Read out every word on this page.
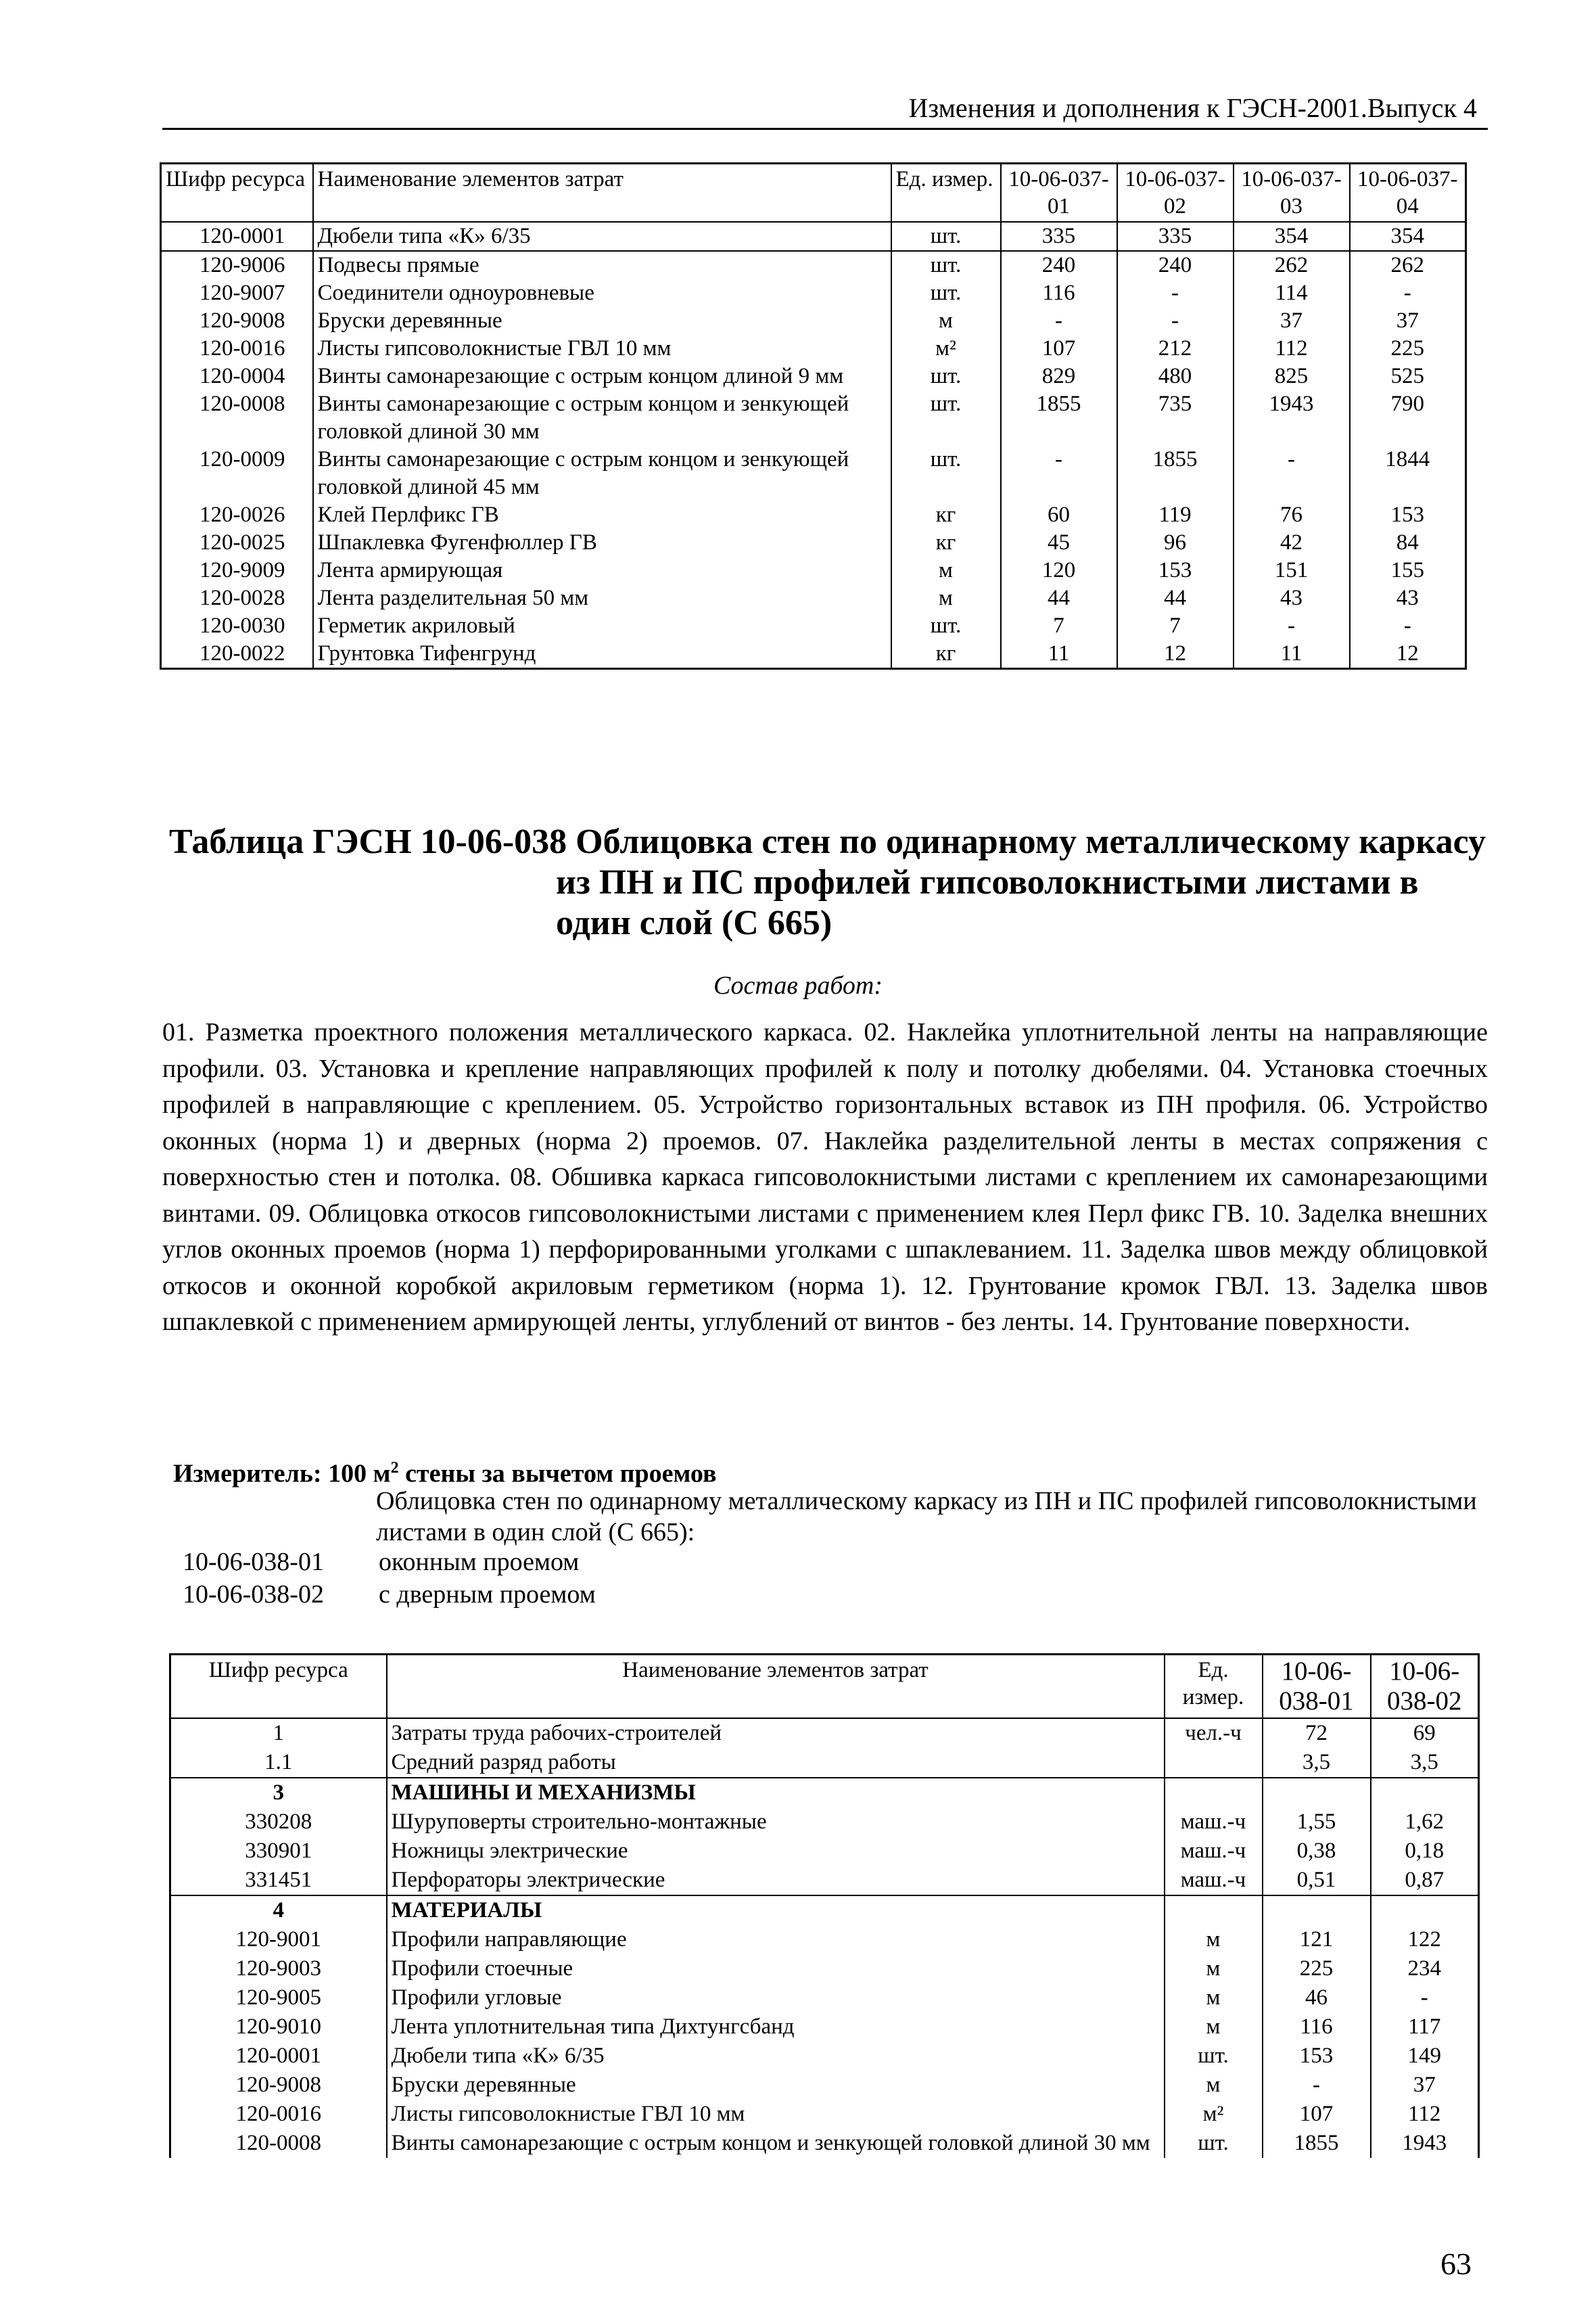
Изменения и дополнения к ГЭСН-2001.Выпуск 4
Шифр ресурса	Наименование элементов затрат	Ед. измер.	10-06-037-01	10-06-037-02	10-06-037-03	10-06-037-04
120-0001	Дюбели типа «К» 6/35	шт.	335	335	354	354
120-9006	Подвесы прямые	шт.	240	240	262	262
120-9007	Соединители одноуровневые	шт.	116	-	114	-
120-9008	Бруски деревянные	м	-	-	37	37
120-0016	Листы гипсоволокнистые ГВЛ 10 мм	м²	107	212	112	225
120-0004	Винты самонарезающие с острым концом длиной 9 мм	шт.	829	480	825	525
120-0008	Винты самонарезающие с острым концом и зенкующей головкой длиной 30 мм	шт.	1855	735	1943	790
120-0009	Винты самонарезающие с острым концом и зенкующей головкой длиной 45 мм	шт.	-	1855	-	1844
120-0026	Клей Перлфикс ГВ	кг	60	119	76	153
120-0025	Шпаклевка Фугенфюллер ГВ	кг	45	96	42	84
120-9009	Лента армирующая	м	120	153	151	155
120-0028	Лента разделительная 50 мм	м	44	44	43	43
120-0030	Герметик акриловый	шт.	7	7	-	-
120-0022	Грунтовка Тифенгрунд	кг	11	12	11	12
Таблица ГЭСН 10-06-038 Облицовка стен по одинарному металлическому каркасу
из ПН и ПС профилей гипсоволокнистыми листами в
один слой (С 665)
Состав работ:
01. Разметка проектного положения металлического каркаса. 02. Наклейка уплотнительной ленты на направляющие профили. 03. Установка и крепление направляющих профилей к полу и потолку дюбелями. 04. Установка стоечных профилей в направляющие с креплением. 05. Устройство горизонтальных вставок из ПН профиля. 06. Устройство оконных (норма 1) и дверных (норма 2) проемов. 07. Наклейка разделительной ленты в местах сопряжения с поверхностью стен и потолка. 08. Обшивка каркаса гипсоволокнистыми листами с креплением их самонарезающими винтами. 09. Облицовка откосов гипсоволокнистыми листами с применением клея Перл фикс ГВ. 10. Заделка внешних углов оконных проемов (норма 1) перфорированными уголками с шпаклеванием. 11. Заделка швов между облицовкой откосов и оконной коробкой акриловым герметиком (норма 1). 12. Грунтование кромок ГВЛ. 13. Заделка швов шпаклевкой с применением армирующей ленты, углублений от винтов - без ленты. 14. Грунтование поверхности.
Измеритель: 100 $м^2$ стены за вычетом проемов
Облицовка стен по одинарному металлическому каркасу из ПН и ПС профилей гипсоволокнистыми листами в один слой (С 665):
10-06-038-01	оконным проемом
10-06-038-02	с дверным проемом
Шифр ресурса	Наименование элементов затрат	Ед. измер.	10-06-038-01	10-06-038-02
1	Затраты труда рабочих-строителей	чел.-ч	72	69
1.1	Средний разряд работы		3,5	3,5
3	МАШИНЫ И МЕХАНИЗМЫ			
330208	Шуруповерты строительно-монтажные	маш.-ч	1,55	1,62
330901	Ножницы электрические	маш.-ч	0,38	0,18
331451	Перфораторы электрические	маш.-ч	0,51	0,87
4	МАТЕРИАЛЫ			
120-9001	Профили направляющие	м	121	122
120-9003	Профили стоечные	м	225	234
120-9005	Профили угловые	м	46	-
120-9010	Лента уплотнительная типа Дихтунгсбанд	м	116	117
120-0001	Дюбели типа «К» 6/35	шт.	153	149
120-9008	Бруски деревянные	м	-	37
120-0016	Листы гипсоволокнистые ГВЛ 10 мм	м²	107	112
120-0008	Винты самонарезающие с острым концом и зенкующей головкой длиной 30 мм	шт.	1855	1943
63
